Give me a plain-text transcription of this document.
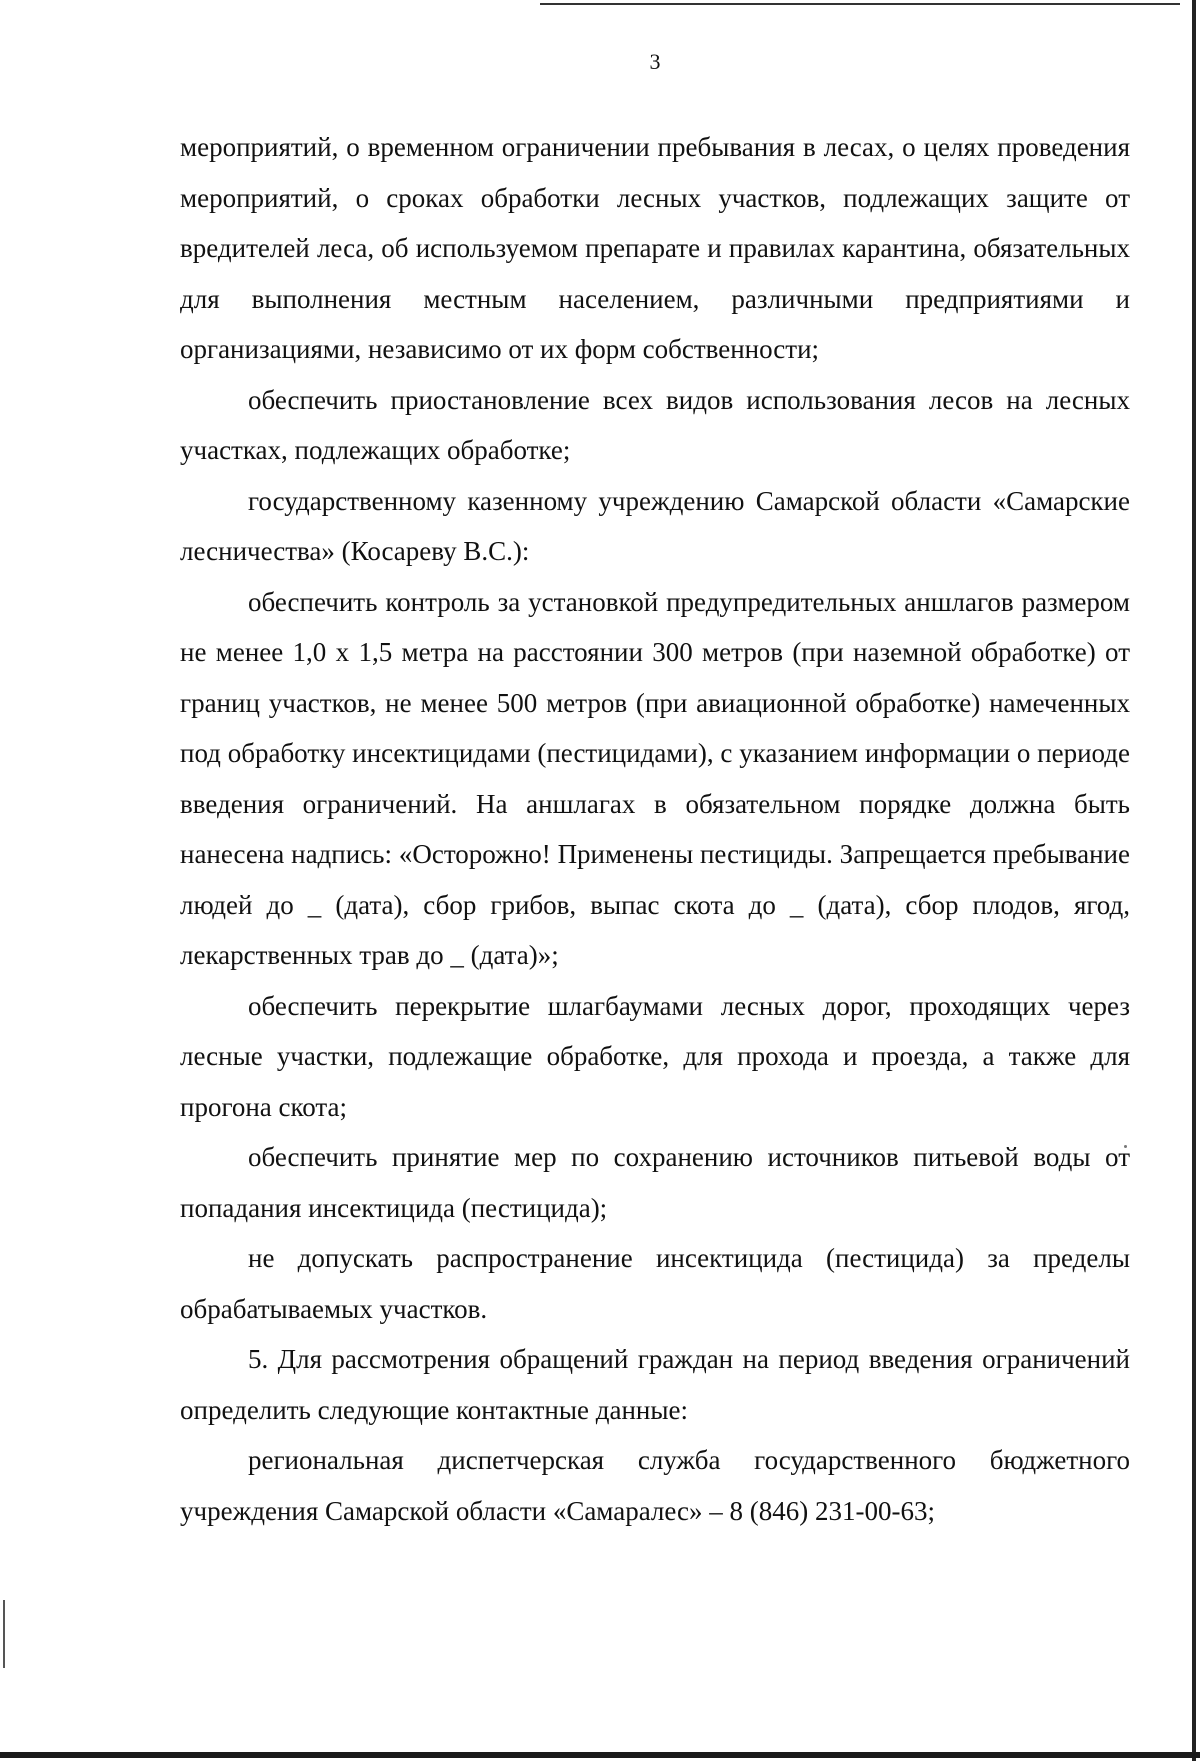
3

мероприятий, о временном ограничении пребывания в лесах, о целях проведения мероприятий, о сроках обработки лесных участков, подлежащих защите от вредителей леса, об используемом препарате и правилах карантина, обязательных для выполнения местным населением, различными предприятиями и организациями, независимо от их форм собственности;

обеспечить приостановление всех видов использования лесов на лесных участках, подлежащих обработке;

государственному казенному учреждению Самарской области «Самарские лесничества» (Косареву В.С.):

обеспечить контроль за установкой предупредительных аншлагов размером не менее 1,0 х 1,5 метра на расстоянии 300 метров (при наземной обработке) от границ участков, не менее 500 метров (при авиационной обработке) намеченных под обработку инсектицидами (пестицидами), с указанием информации о периоде введения ограничений. На аншлагах в обязательном порядке должна быть нанесена надпись: «Осторожно! Применены пестициды. Запрещается пребывание людей до _ (дата), сбор грибов, выпас скота до _ (дата), сбор плодов, ягод, лекарственных трав до _ (дата)»;

обеспечить перекрытие шлагбаумами лесных дорог, проходящих через лесные участки, подлежащие обработке, для прохода и проезда, а также для прогона скота;

обеспечить принятие мер по сохранению источников питьевой воды от попадания инсектицида (пестицида);

не допускать распространение инсектицида (пестицида) за пределы обрабатываемых участков.

5. Для рассмотрения обращений граждан на период введения ограничений определить следующие контактные данные:

региональная диспетчерская служба государственного бюджетного учреждения Самарской области «Самаралес» – 8 (846) 231-00-63;
